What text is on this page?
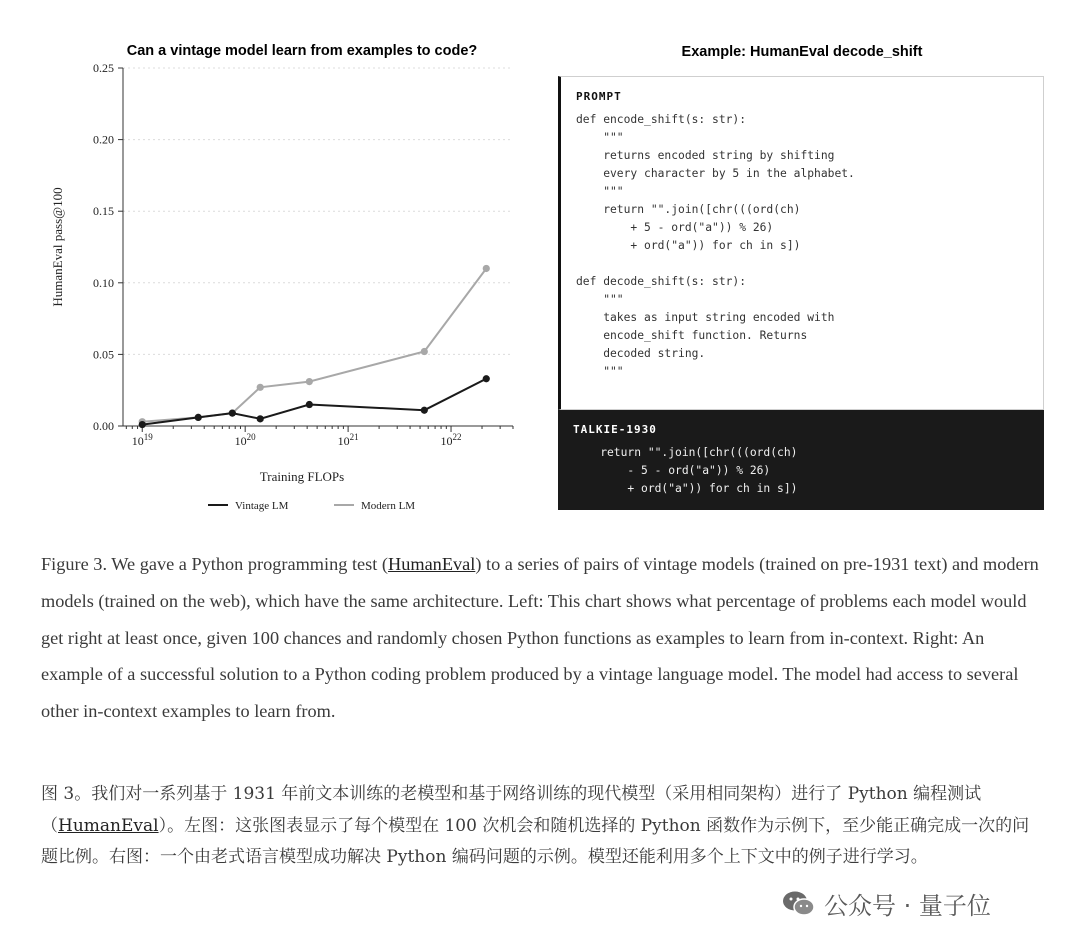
Can a vintage model learn from examples to code?
0.00
0.05
0.10
0.15
0.20
0.25
$10^{19}$	$10^{20}$	$10^{21}$	$10^{22}$
Training FLOPs
HumanEval pass@100
Vintage LM	Modern LM
Example: HumanEval decode_shift
PROMPT
def encode_shift(s: str):
"""
returns encoded string by shifting
every character by 5 in the alphabet.
"""
return "".join([chr(((ord(ch)
+ 5 - ord("a")) % 26)
+ ord("a")) for ch in s])

def decode_shift(s: str):
"""
takes as input string encoded with
encode_shift function. Returns
decoded string.
"""
TALKIE-1930
return "".join([chr(((ord(ch)
- 5 - ord("a")) % 26)
+ ord("a")) for ch in s])

Figure 3. We gave a Python programming test (HumanEval) to a series of pairs of vintage models (trained on pre-1931 text) and modern models (trained on the web), which have the same architecture. Left: This chart shows what percentage of problems each model would get right at least once, given 100 chances and randomly chosen Python functions as examples to learn from in-context. Right: An example of a successful solution to a Python coding problem produced by a vintage language model. The model had access to several other in-context examples to learn from.

图 3。我们对一系列基于 1931 年前文本训练的老模型和基于网络训练的现代模型（采用相同架构）进行了 Python 编程测试（HumanEval）。左图：这张图表显示了每个模型在 100 次机会和随机选择的 Python 函数作为示例下，至少能正确完成一次的问题比例。右图：一个由老式语言模型成功解决 Python 编码问题的示例。模型还能利用多个上下文中的例子进行学习。

公众号 · 量子位
